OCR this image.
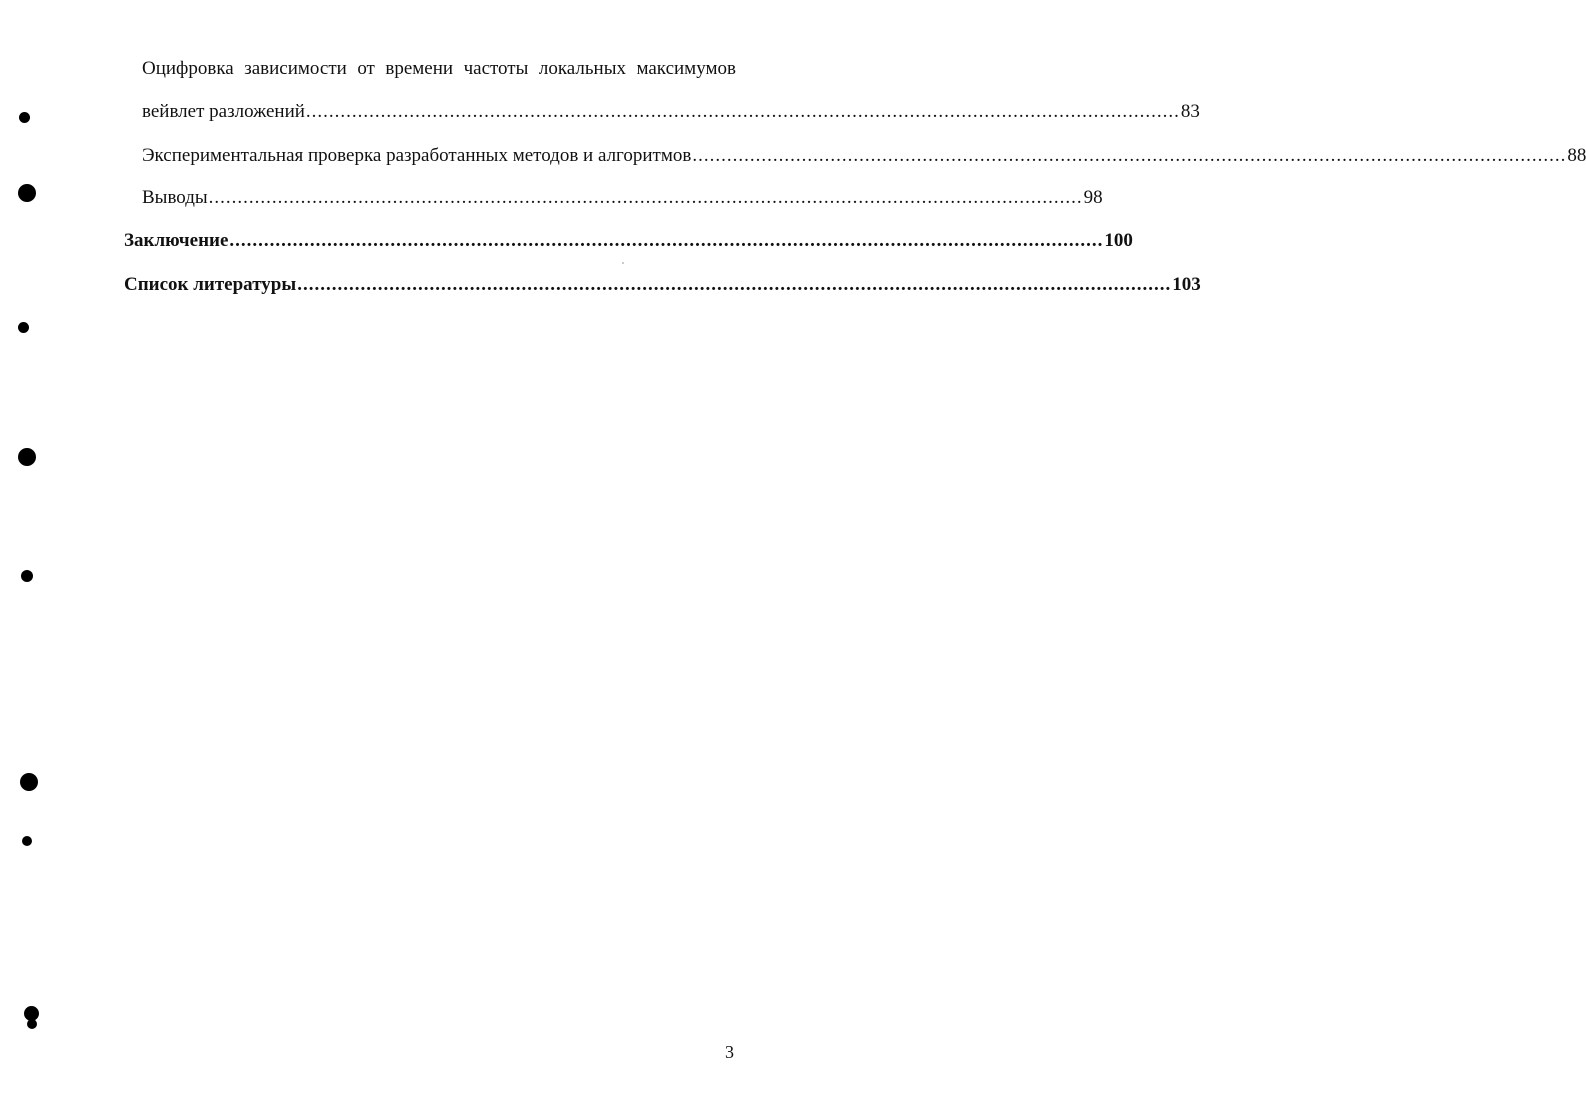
Оцифровка зависимости от времени частоты локальных максимумов
вейвлет разложений ........................................................................................................................................................ 83
Экспериментальная проверка разработанных методов и алгоритмов ........................................................................................................................................................ 88
Выводы ........................................................................................................................................................ 98
Заключение ........................................................................................................................................................ 100
Список литературы ........................................................................................................................................................ 103
3
